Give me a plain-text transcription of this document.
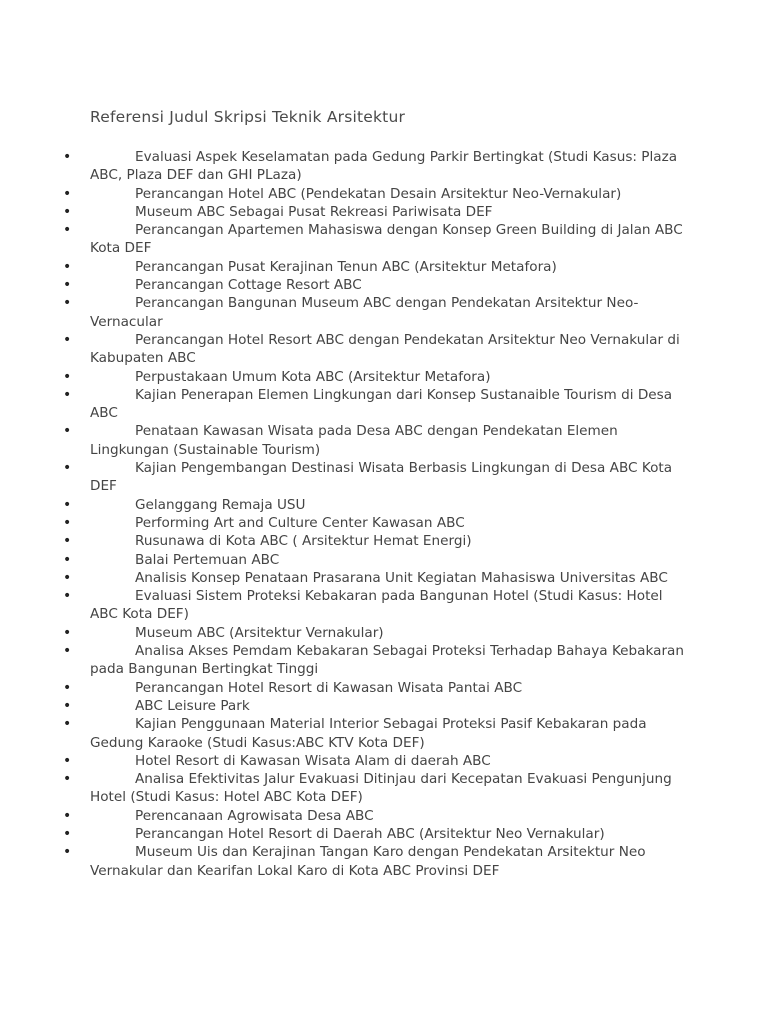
Referensi Judul Skripsi Teknik Arsitektur
•	Evaluasi Aspek Keselamatan pada Gedung Parkir Bertingkat (Studi Kasus: Plaza ABC, Plaza DEF dan GHI PLaza)
•	Perancangan Hotel ABC (Pendekatan Desain Arsitektur Neo-Vernakular)
•	Museum ABC Sebagai Pusat Rekreasi Pariwisata DEF
•	Perancangan Apartemen Mahasiswa dengan Konsep Green Building di Jalan ABC Kota DEF
•	Perancangan Pusat Kerajinan Tenun ABC (Arsitektur Metafora)
•	Perancangan Cottage Resort ABC
•	Perancangan Bangunan Museum ABC dengan Pendekatan Arsitektur Neo-Vernacular
•	Perancangan Hotel Resort ABC dengan Pendekatan Arsitektur Neo Vernakular di Kabupaten ABC
•	Perpustakaan Umum Kota ABC (Arsitektur Metafora)
•	Kajian Penerapan Elemen Lingkungan dari Konsep Sustanaible Tourism di Desa ABC
•	Penataan Kawasan Wisata pada Desa ABC dengan Pendekatan Elemen Lingkungan (Sustainable Tourism)
•	Kajian Pengembangan Destinasi Wisata Berbasis Lingkungan di Desa ABC Kota DEF
•	Gelanggang Remaja USU
•	Performing Art and Culture Center Kawasan ABC
•	Rusunawa di Kota ABC ( Arsitektur Hemat Energi)
•	Balai Pertemuan ABC
•	Analisis Konsep Penataan Prasarana Unit Kegiatan Mahasiswa Universitas ABC
•	Evaluasi Sistem Proteksi Kebakaran pada Bangunan Hotel (Studi Kasus: Hotel ABC Kota DEF)
•	Museum ABC (Arsitektur Vernakular)
•	Analisa Akses Pemdam Kebakaran Sebagai Proteksi Terhadap Bahaya Kebakaran pada Bangunan Bertingkat Tinggi
•	Perancangan Hotel Resort di Kawasan Wisata Pantai ABC
•	ABC Leisure Park
•	Kajian Penggunaan Material Interior Sebagai Proteksi Pasif Kebakaran pada Gedung Karaoke (Studi Kasus:ABC KTV Kota DEF)
•	Hotel Resort di Kawasan Wisata Alam di daerah ABC
•	Analisa Efektivitas Jalur Evakuasi Ditinjau dari Kecepatan Evakuasi Pengunjung Hotel (Studi Kasus: Hotel ABC Kota DEF)
•	Perencanaan Agrowisata Desa ABC
•	Perancangan Hotel Resort di Daerah ABC (Arsitektur Neo Vernakular)
•	Museum Uis dan Kerajinan Tangan Karo dengan Pendekatan Arsitektur Neo Vernakular dan Kearifan Lokal Karo di Kota ABC Provinsi DEF
